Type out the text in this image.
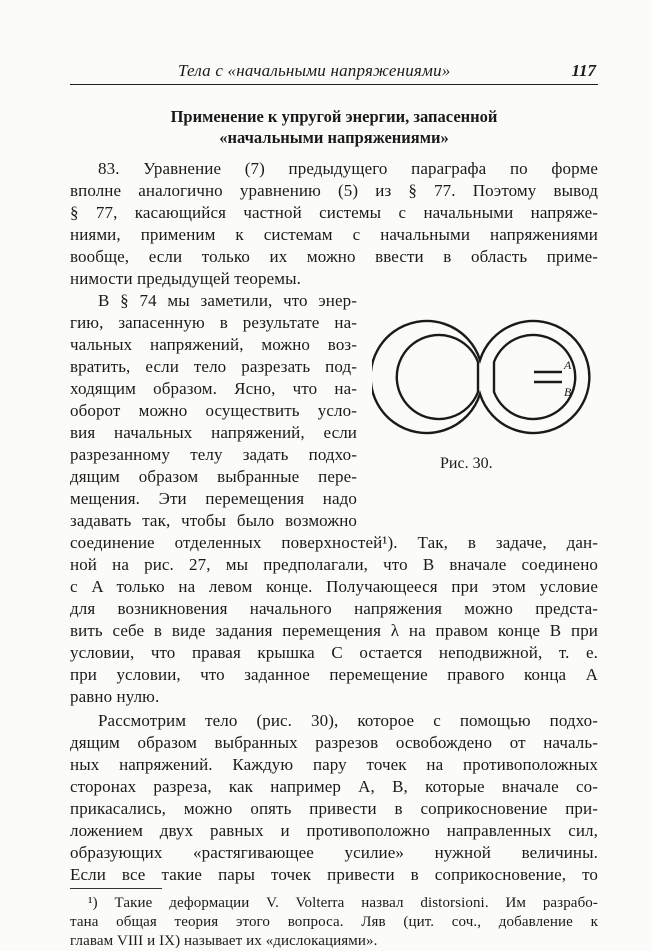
Тела с «начальными напряжениями»	117
Применение к упругой энергии, запасенной
«начальными напряжениями»
83. Уравнение (7) предыдущего параграфа по форме
вполне аналогично уравнению (5) из § 77. Поэтому вывод
§ 77, касающийся частной системы с начальными напряже-
ниями, применим к системам с начальными напряжениями
вообще, если только их можно ввести в область приме-
нимости предыдущей теоремы.
В § 74 мы заметили, что энер-
гию, запасенную в результате на-
чальных напряжений, можно воз-
вратить, если тело разрезать под-
ходящим образом. Ясно, что на-
оборот можно осуществить усло-
вия начальных напряжений, если
разрезанному телу задать подхо-
дящим образом выбранные пере-
мещения. Эти перемещения надо
задавать так, чтобы было возможно
соединение отделенных поверхностей¹). Так, в задаче, дан-
ной на рис. 27, мы предполагали, что B вначале соединено
с A только на левом конце. Получающееся при этом условие
для возникновения начального напряжения можно предста-
вить себе в виде задания перемещения λ на правом конце B при
условии, что правая крышка C остается неподвижной, т. е.
при условии, что заданное перемещение правого конца A
равно нулю.
Рассмотрим тело (рис. 30), которое с помощью подхо-
дящим образом выбранных разрезов освобождено от началь-
ных напряжений. Каждую пару точек на противоположных
сторонах разреза, как например A, B, которые вначале со-
прикасались, можно опять привести в соприкосновение при-
ложением двух равных и противоположно направленных сил,
образующих «растягивающее усилие» нужной величины.
Если все такие пары точек привести в соприкосновение, то
¹) Такие деформации V. Volterra назвал distorsioni. Им разрабо-
тана общая теория этого вопроса. Ляв (цит. соч., добавление к
главам VIII и IX) называет их «дислокациями».
A
B
Рис. 30.
